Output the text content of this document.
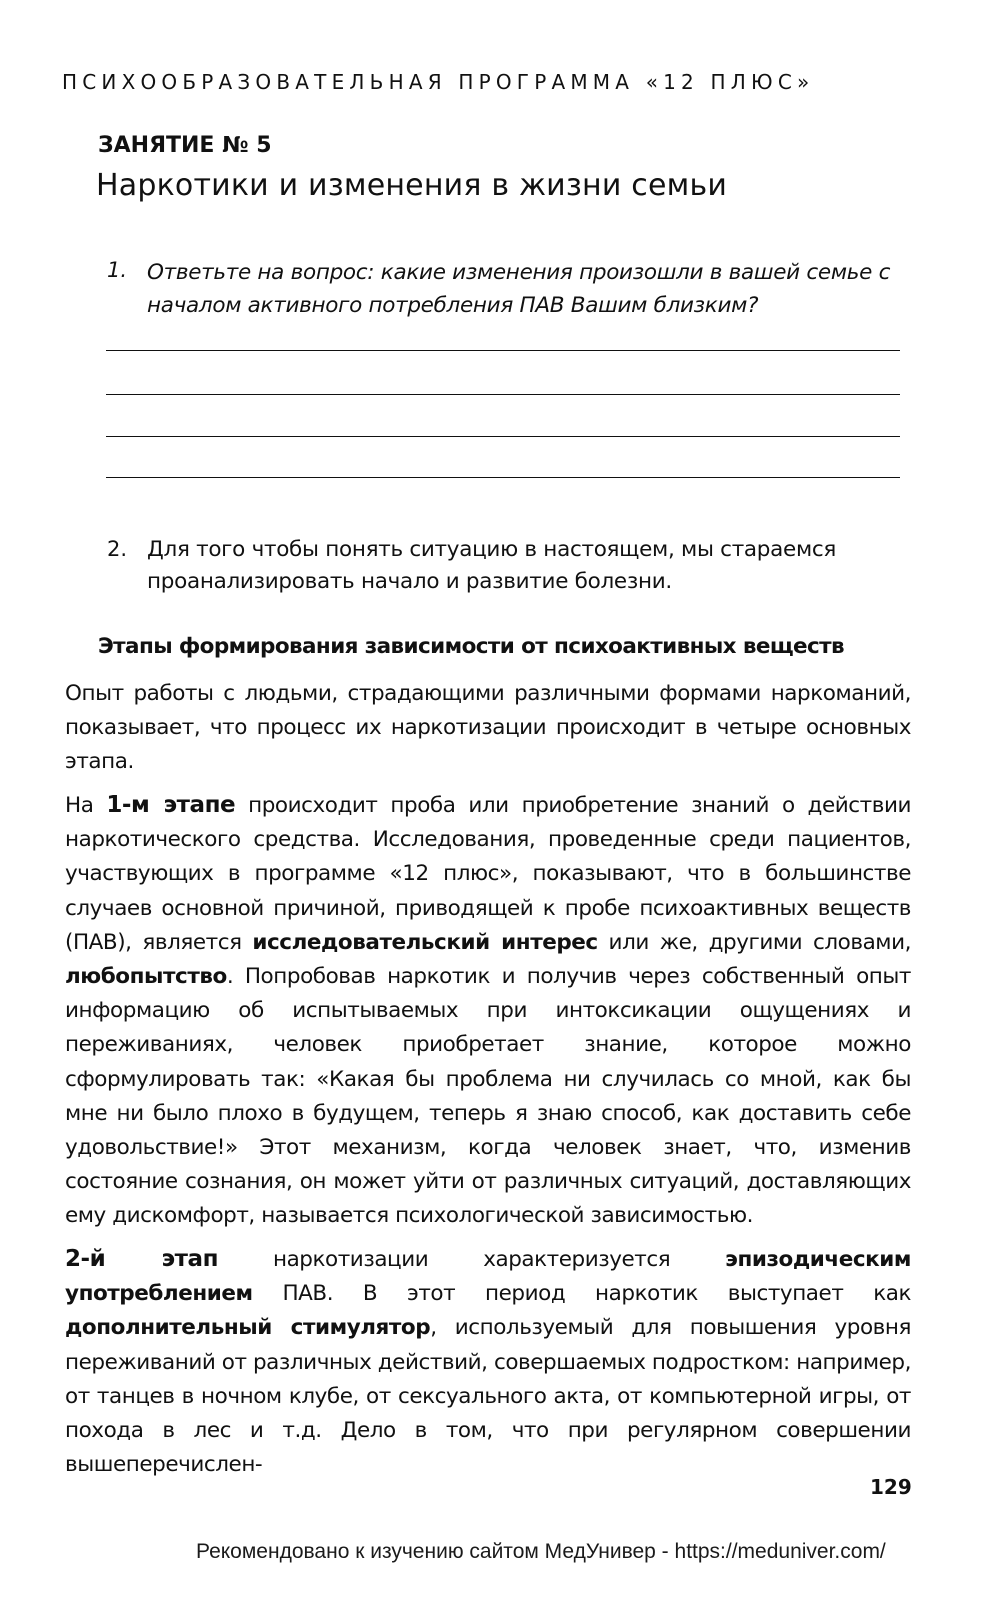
ПСИХООБРАЗОВАТЕЛЬНАЯ ПРОГРАММА «12 ПЛЮС»
ЗАНЯТИЕ № 5
Наркотики и изменения в жизни семьи
1. Ответьте на вопрос: какие изменения произошли в вашей семье с началом активного потребления ПАВ Вашим близким?
2. Для того чтобы понять ситуацию в настоящем, мы стараемся проанализировать начало и развитие болезни.
Этапы формирования зависимости от психоактивных веществ
Опыт работы с людьми, страдающими различными формами наркоманий, показывает, что процесс их наркотизации происходит в четыре основных этапа.
На 1-м этапе происходит проба или приобретение знаний о действии наркотического средства. Исследования, проведенные среди пациентов, участвующих в программе «12 плюс», показывают, что в большинстве случаев основной причиной, приводящей к пробе психоактивных веществ (ПАВ), является исследовательский интерес или же, другими словами, любопытство. Попробовав наркотик и получив через собственный опыт информацию об испытываемых при интоксикации ощущениях и переживаниях, человек приобретает знание, которое можно сформулировать так: «Какая бы проблема ни случилась со мной, как бы мне ни было плохо в будущем, теперь я знаю способ, как доставить себе удовольствие!» Этот механизм, когда человек знает, что, изменив состояние сознания, он может уйти от различных ситуаций, доставляющих ему дискомфорт, называется психологической зависимостью.
2-й этап наркотизации характеризуется эпизодическим употреблением ПАВ. В этот период наркотик выступает как дополнительный стимулятор, используемый для повышения уровня переживаний от различных действий, совершаемых подростком: например, от танцев в ночном клубе, от сексуального акта, от компьютерной игры, от похода в лес и т.д. Дело в том, что при регулярном совершении вышеперечислен-
129
Рекомендовано к изучению сайтом МедУнивер - https://meduniver.com/
